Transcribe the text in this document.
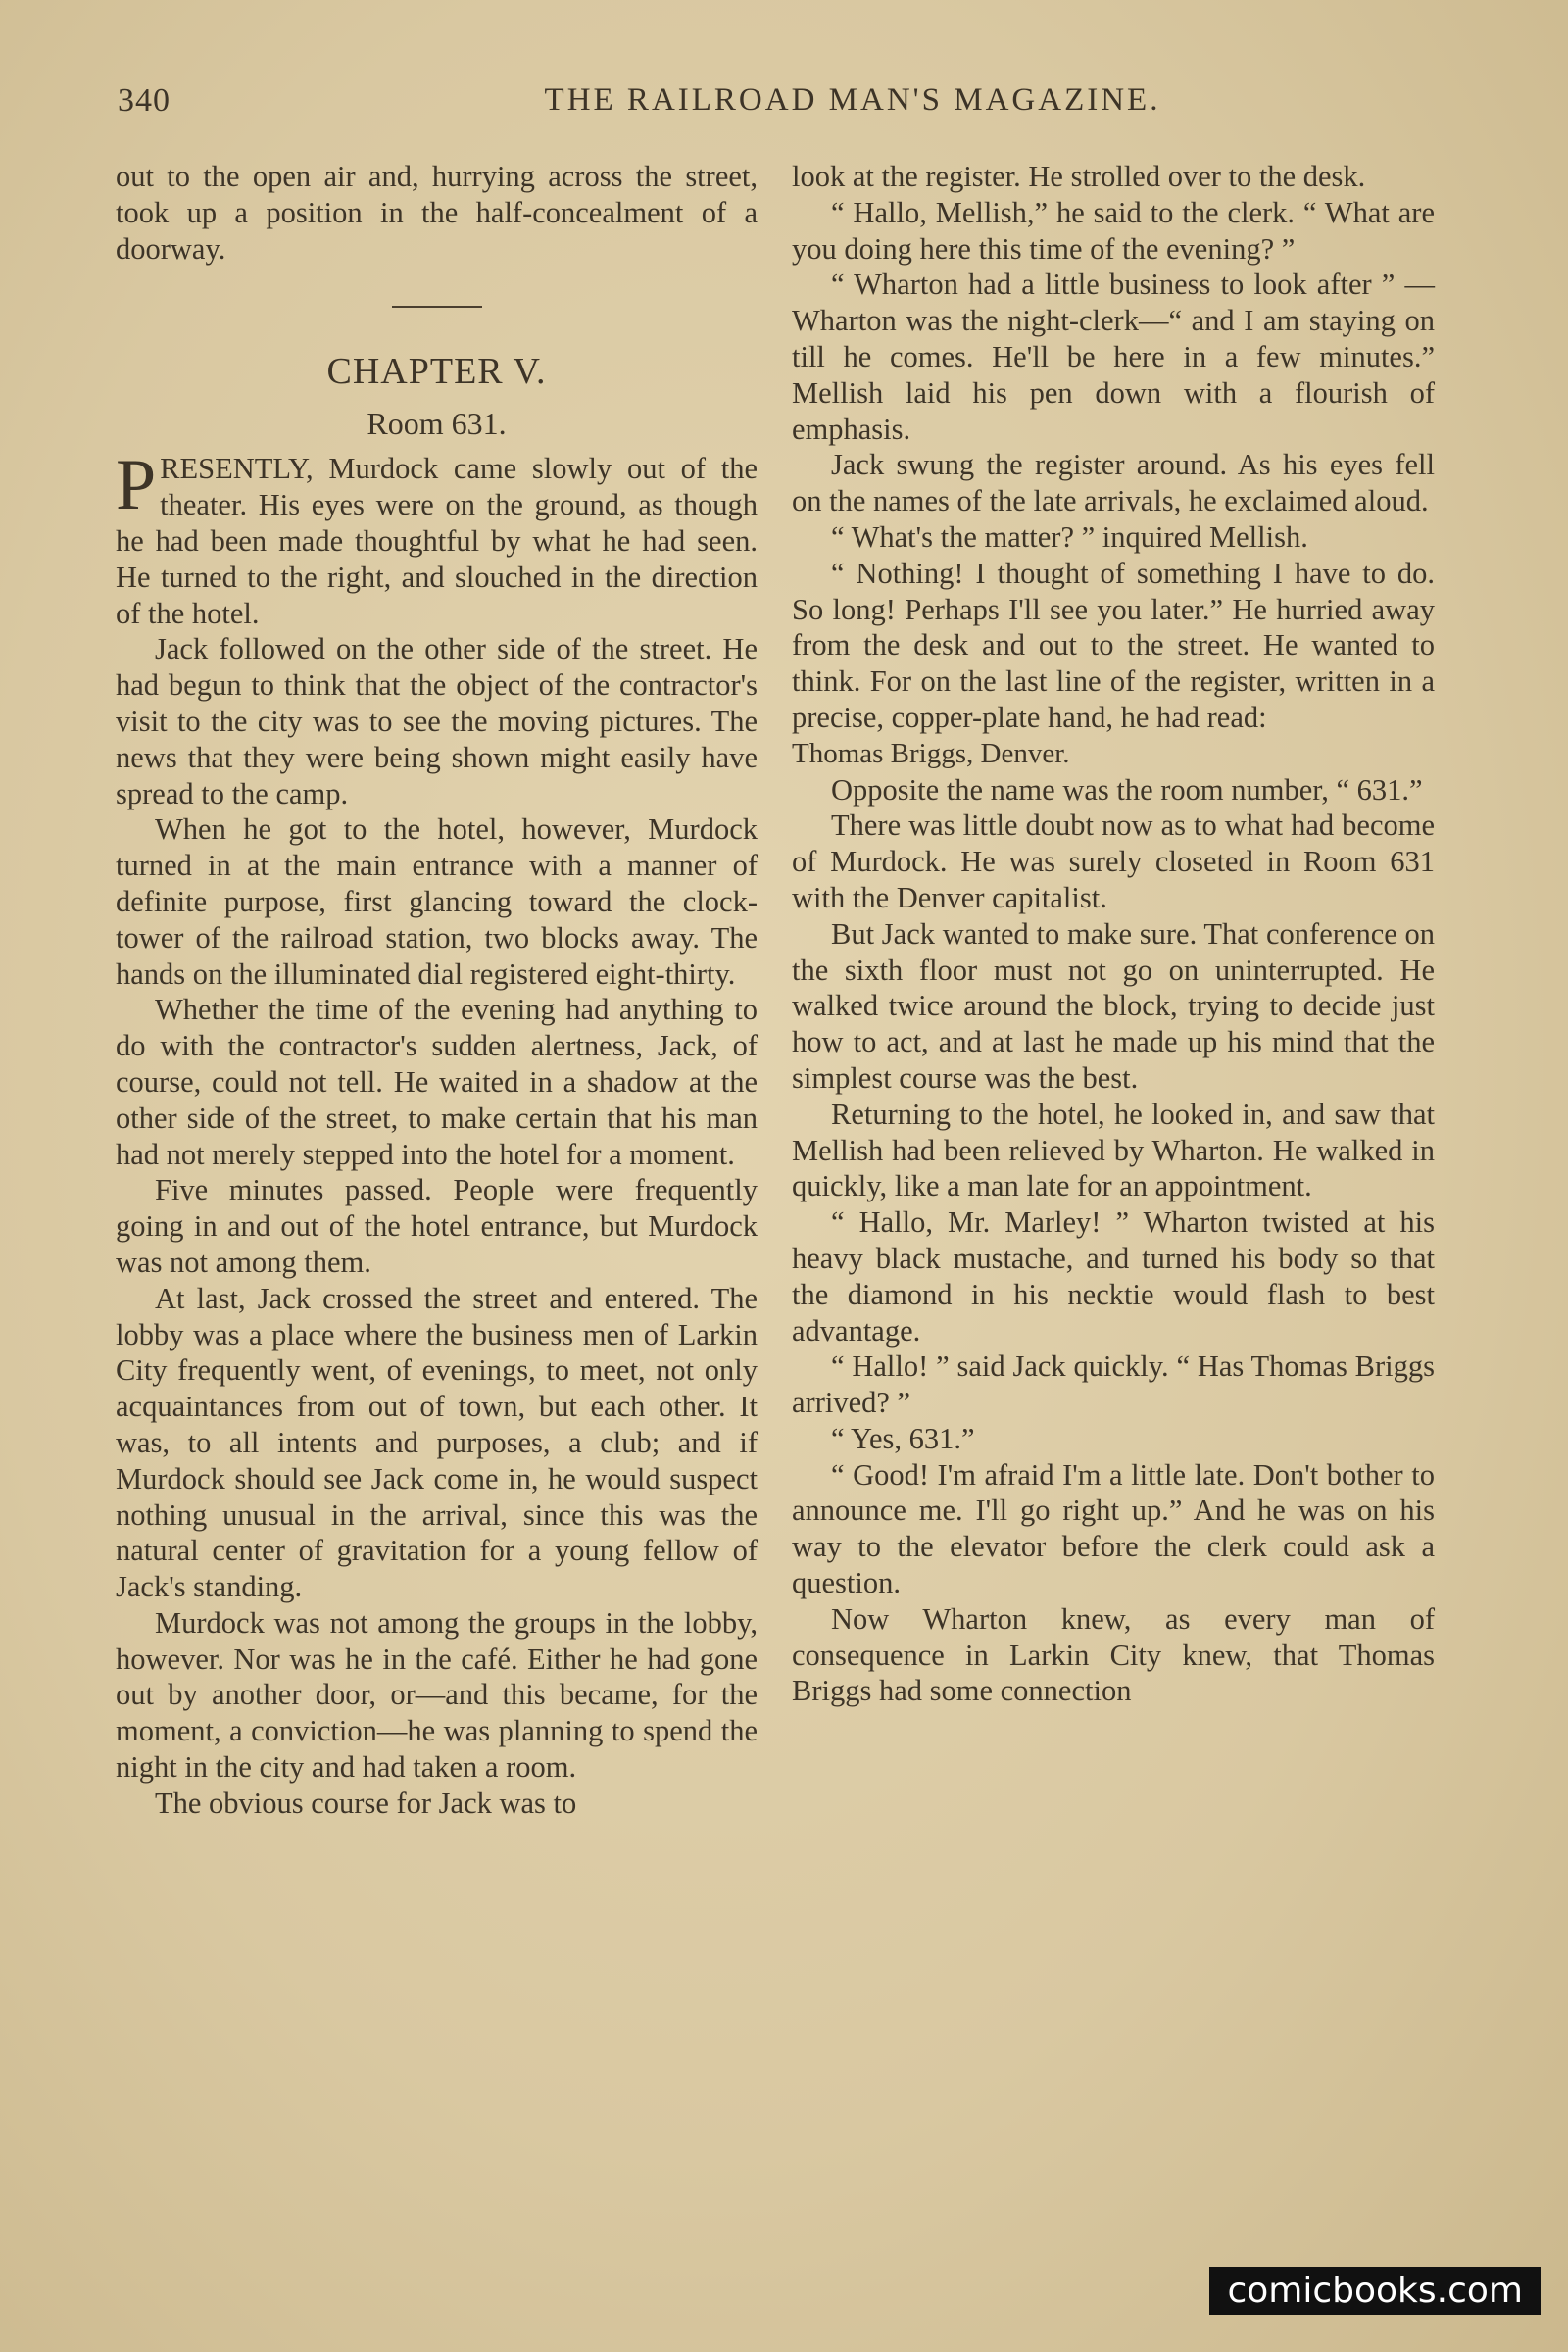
340	THE RAILROAD MAN'S MAGAZINE.

out to the open air and, hurrying across the street, took up a position in the half-concealment of a doorway.

CHAPTER V.
Room 631.

PRESENTLY, Murdock came slowly out of the theater. His eyes were on the ground, as though he had been made thoughtful by what he had seen. He turned to the right, and slouched in the direction of the hotel.

Jack followed on the other side of the street. He had begun to think that the object of the contractor's visit to the city was to see the moving pictures. The news that they were being shown might easily have spread to the camp.

When he got to the hotel, however, Murdock turned in at the main entrance with a manner of definite purpose, first glancing toward the clock-tower of the railroad station, two blocks away. The hands on the illuminated dial registered eight-thirty.

Whether the time of the evening had anything to do with the contractor's sudden alertness, Jack, of course, could not tell. He waited in a shadow at the other side of the street, to make certain that his man had not merely stepped into the hotel for a moment.

Five minutes passed. People were frequently going in and out of the hotel entrance, but Murdock was not among them.

At last, Jack crossed the street and entered. The lobby was a place where the business men of Larkin City frequently went, of evenings, to meet, not only acquaintances from out of town, but each other. It was, to all intents and purposes, a club; and if Murdock should see Jack come in, he would suspect nothing unusual in the arrival, since this was the natural center of gravitation for a young fellow of Jack's standing.

Murdock was not among the groups in the lobby, however. Nor was he in the café. Either he had gone out by another door, or—and this became, for the moment, a conviction—he was planning to spend the night in the city and had taken a room.

The obvious course for Jack was to

look at the register. He strolled over to the desk.

“ Hallo, Mellish,” he said to the clerk. “ What are you doing here this time of the evening? ”

“ Wharton had a little business to look after ” — Wharton was the night-clerk—“ and I am staying on till he comes. He'll be here in a few minutes.” Mellish laid his pen down with a flourish of emphasis.

Jack swung the register around. As his eyes fell on the names of the late arrivals, he exclaimed aloud.

“ What's the matter? ” inquired Mellish.

“ Nothing! I thought of something I have to do. So long! Perhaps I'll see you later.” He hurried away from the desk and out to the street. He wanted to think. For on the last line of the register, written in a precise, copper-plate hand, he had read:

Thomas Briggs, Denver.

Opposite the name was the room number, “ 631.”

There was little doubt now as to what had become of Murdock. He was surely closeted in Room 631 with the Denver capitalist.

But Jack wanted to make sure. That conference on the sixth floor must not go on uninterrupted. He walked twice around the block, trying to decide just how to act, and at last he made up his mind that the simplest course was the best.

Returning to the hotel, he looked in, and saw that Mellish had been relieved by Wharton. He walked in quickly, like a man late for an appointment.

“ Hallo, Mr. Marley! ” Wharton twisted at his heavy black mustache, and turned his body so that the diamond in his necktie would flash to best advantage.

“ Hallo! ” said Jack quickly. “ Has Thomas Briggs arrived? ”

“ Yes, 631.”

“ Good! I'm afraid I'm a little late. Don't bother to announce me. I'll go right up.” And he was on his way to the elevator before the clerk could ask a question.

Now Wharton knew, as every man of consequence in Larkin City knew, that Thomas Briggs had some connection

comicbooks.com
